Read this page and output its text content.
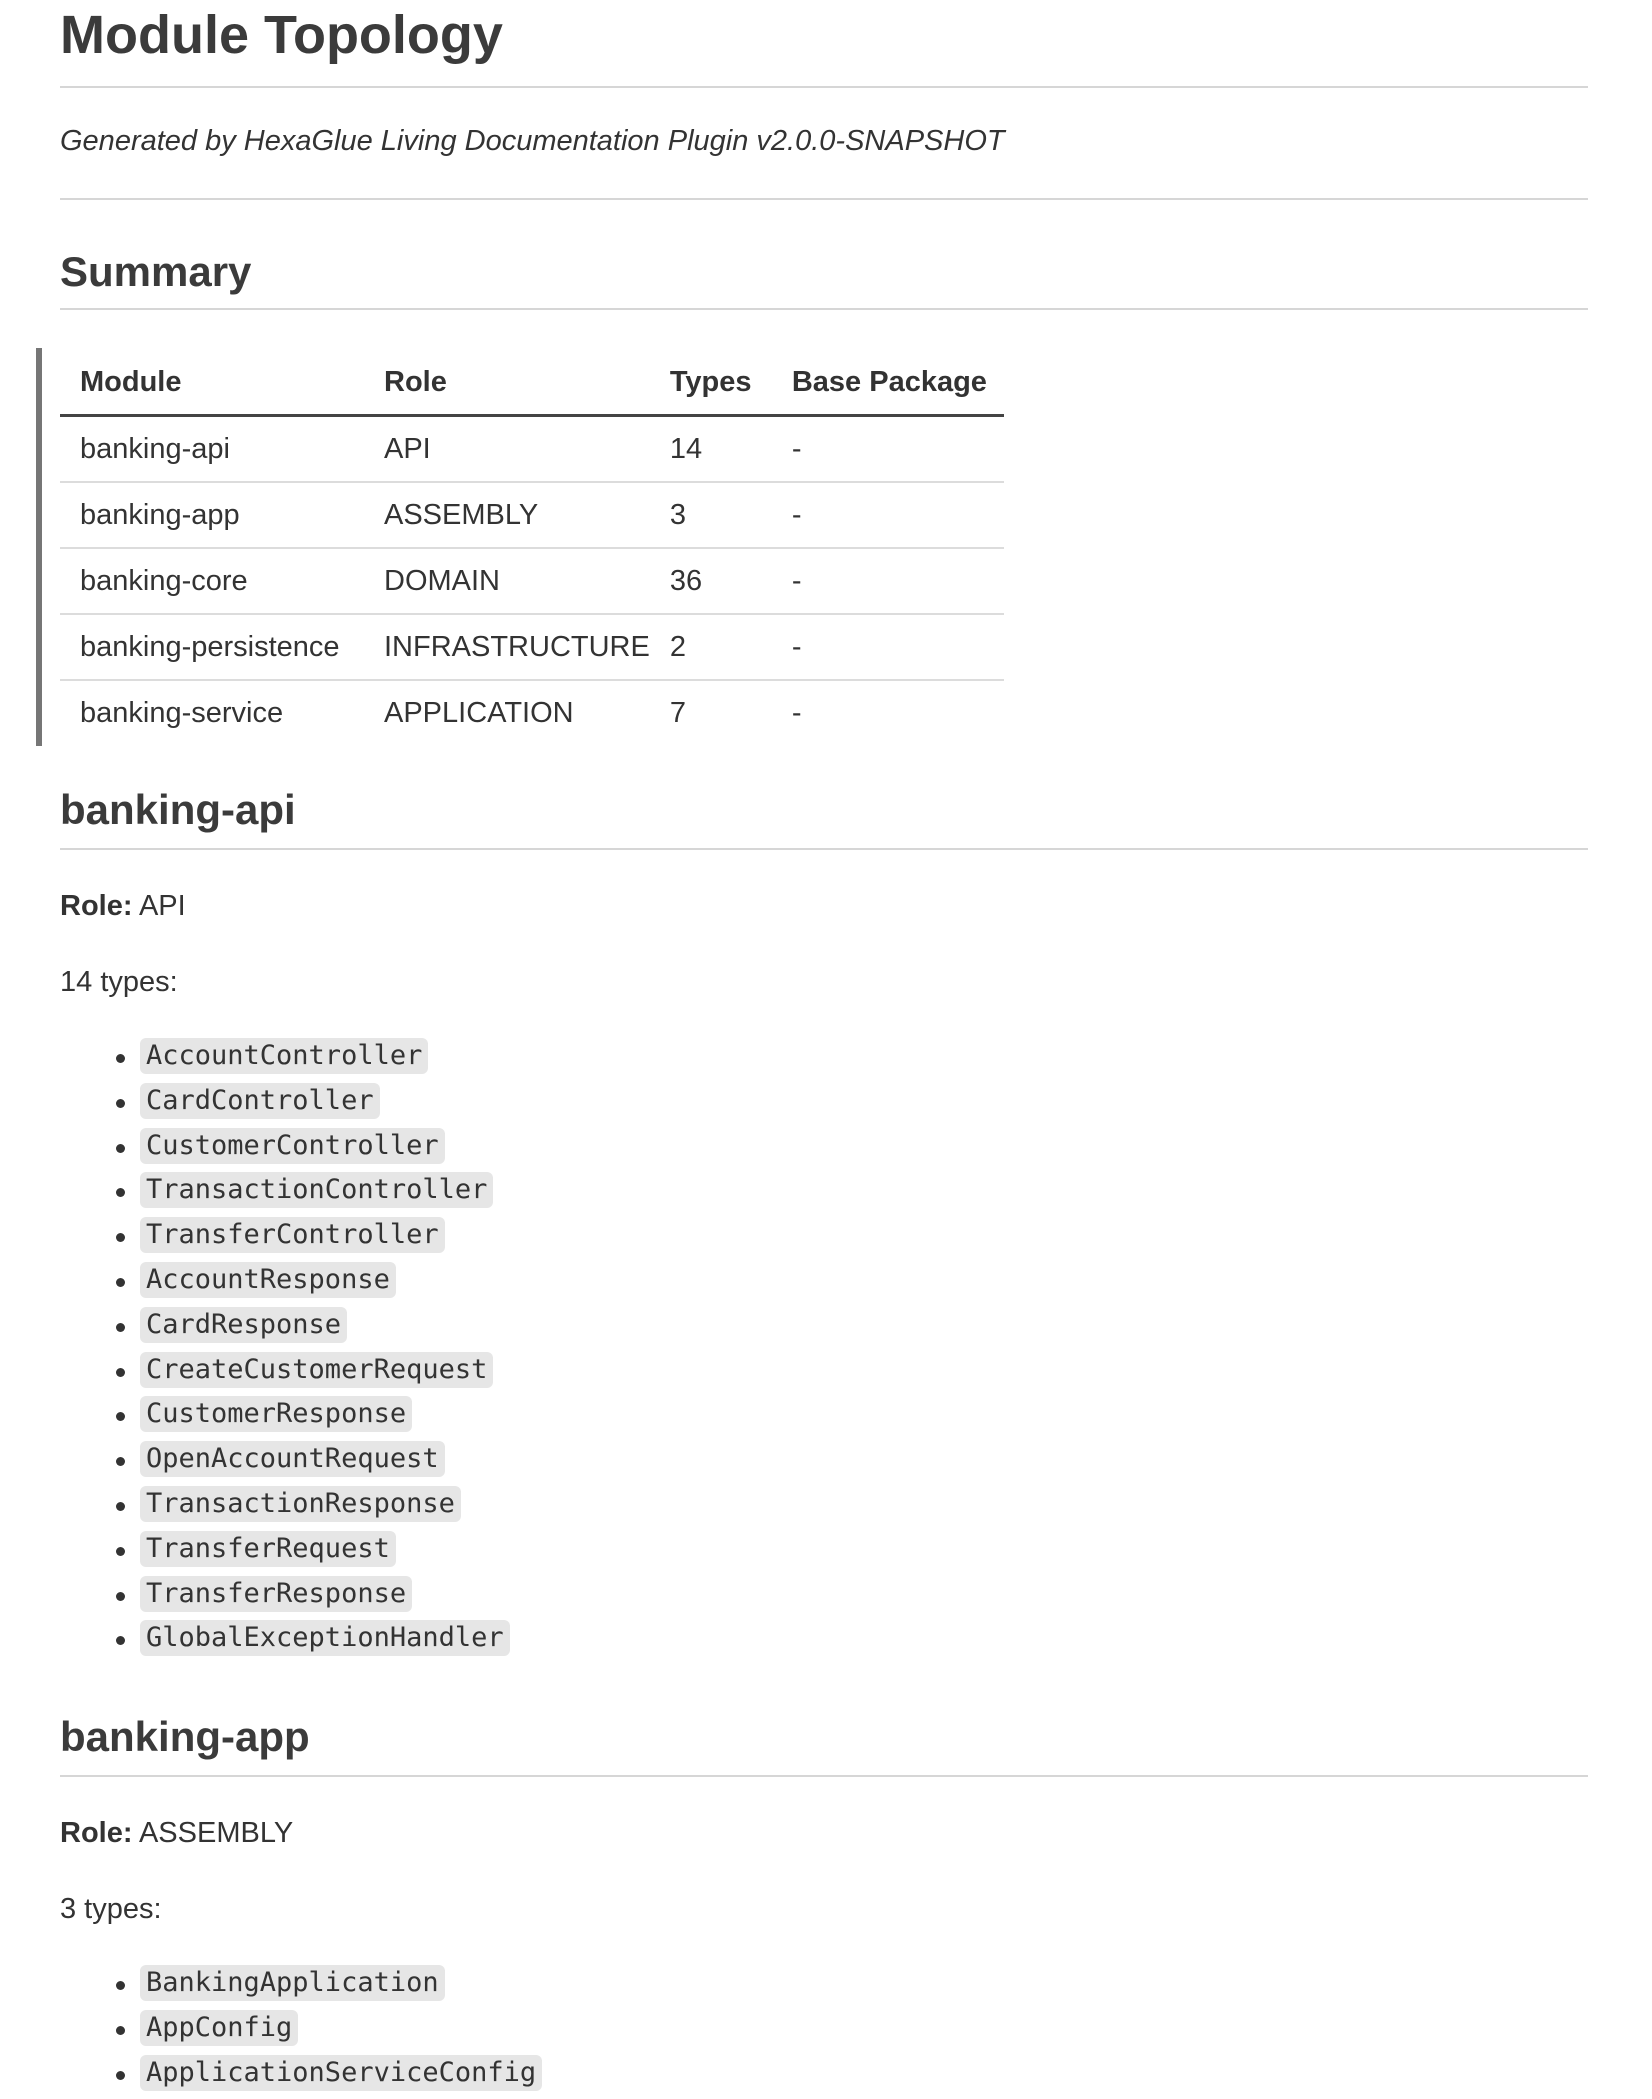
Module Topology

Generated by HexaGlue Living Documentation Plugin v2.0.0-SNAPSHOT

Summary
Module	Role	Types	Base Package
banking-api	API	14	-
banking-app	ASSEMBLY	3	-
banking-core	DOMAIN	36	-
banking-persistence	INFRASTRUCTURE	2	-
banking-service	APPLICATION	7	-
banking-api

Role: API

14 types:

AccountController
CardController
CustomerController
TransactionController
TransferController
AccountResponse
CardResponse
CreateCustomerRequest
CustomerResponse
OpenAccountRequest
TransactionResponse
TransferRequest
TransferResponse
GlobalExceptionHandler
banking-app

Role: ASSEMBLY

3 types:

BankingApplication
AppConfig
ApplicationServiceConfig
